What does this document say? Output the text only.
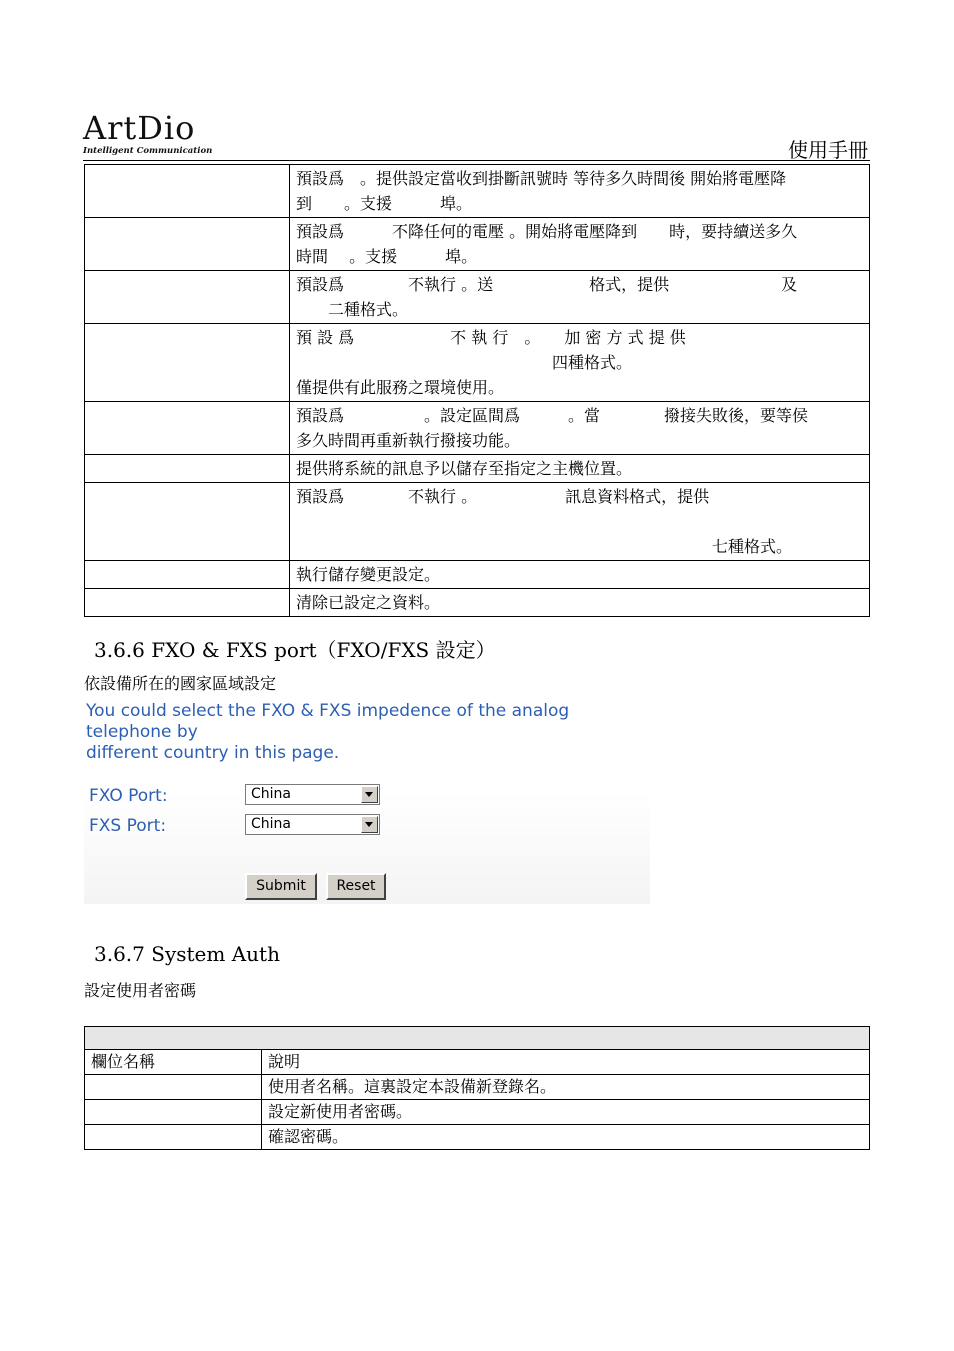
ArtDio
Intelligent Communication	使用手冊

	預設爲　。提供設定當收到掛斷訊號時 等待多久時間後 開始將電壓降
到　　。支援　　　埠。

	預設爲　　　不降任何的電壓 。開始將電壓降到　　時，要持續送多久
時間　 。支援　　　埠。

	預設爲　　　　不執行 。送　　　　　　格式，提供　　　　　　　及
　　二種格式。

	預 設 爲　　　　　　不 執 行　。　　加 密 方 式 提 供
　　　　　　　　　　　　　　　　四種格式。
僅提供有此服務之環境使用。

	預設爲　　　　　。設定區間爲　　　。當　　　　撥接失敗後，要等侯
多久時間再重新執行撥接功能。

	提供將系統的訊息予以儲存至指定之主機位置。

	預設爲　　　　不執行 。　　　　　　訊息資料格式，提供
　　　　　　　　　　　　　　　　　　　　　　　　　　七種格式。

	執行儲存變更設定。

	清除已設定之資料。
3.6.6 FXO & FXS port（FXO/FXS 設定）
依設備所在的國家區域設定
You could select the FXO & FXS impedence of the analog telephone by
different country in this page.
FXO Port:	China
FXS Port:	China
Submit	Reset
3.6.7 System Auth
設定使用者密碼

欄位名稱	說明
	使用者名稱。這裏設定本設備新登錄名。
	設定新使用者密碼。
	確認密碼。
